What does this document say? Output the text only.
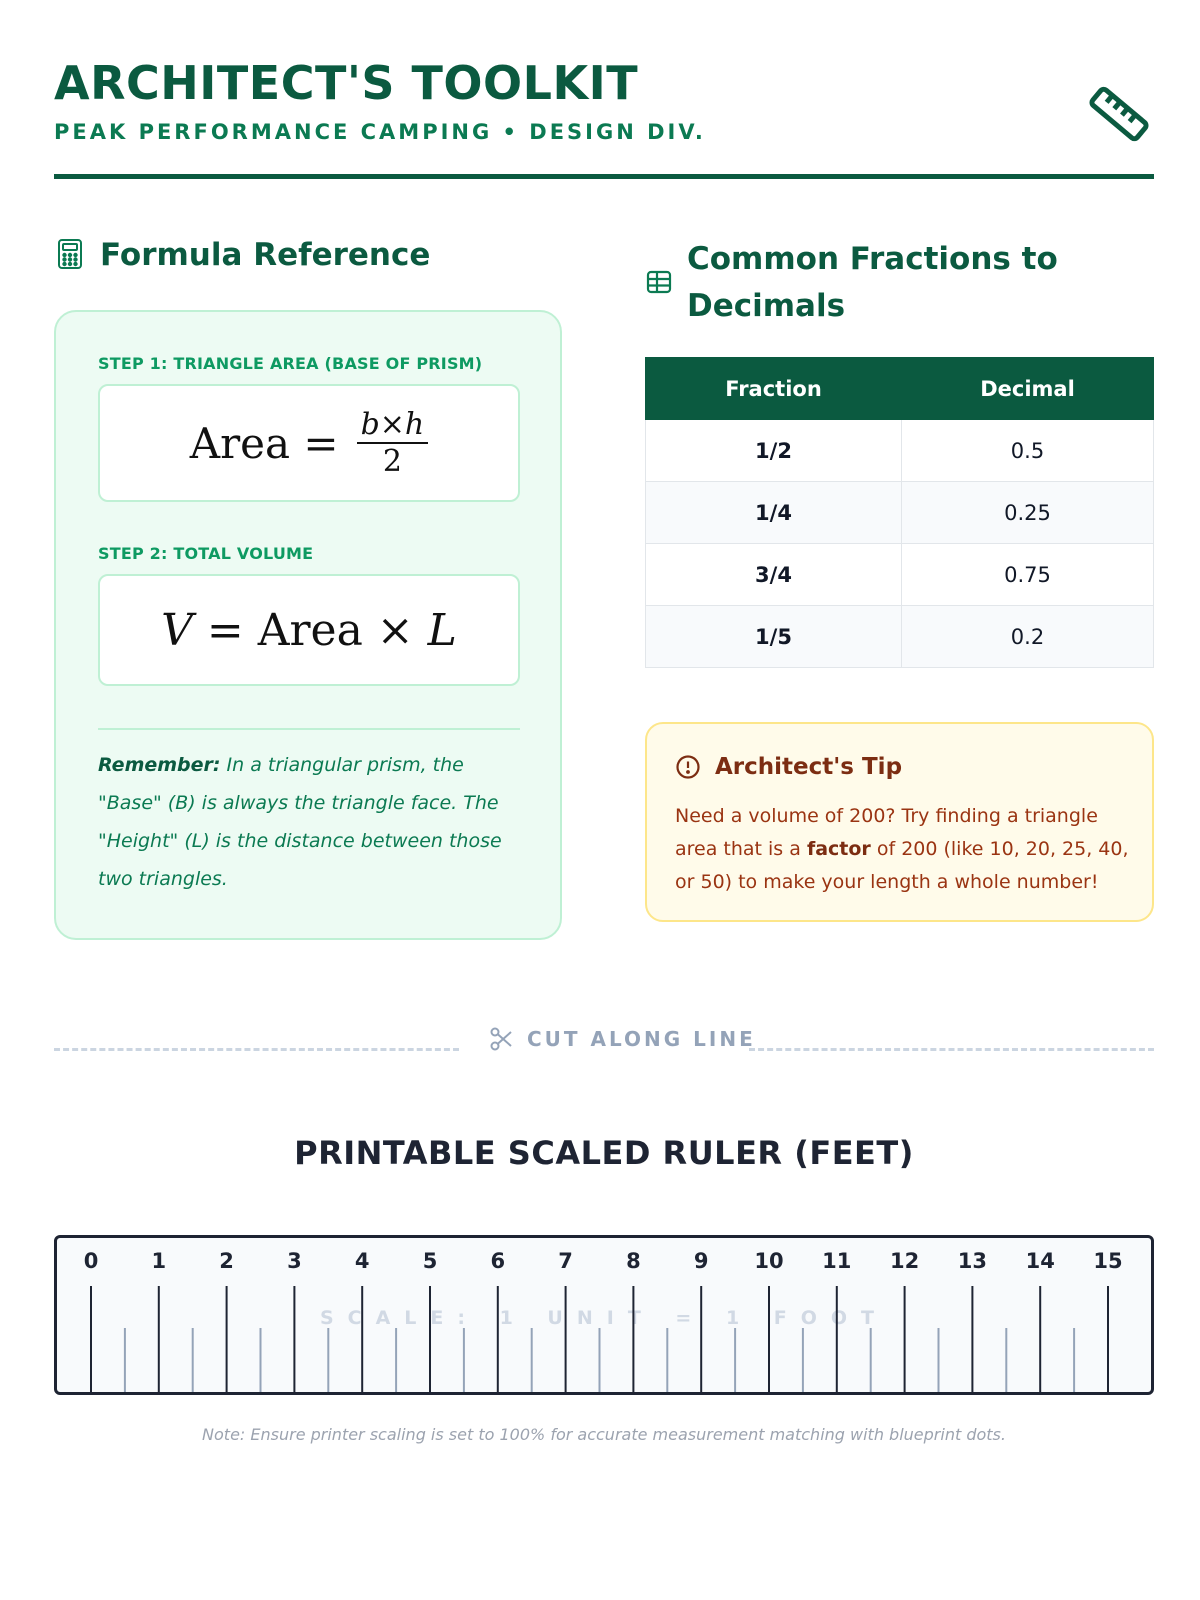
ARCHITECT'S TOOLKIT
PEAK PERFORMANCE CAMPING • DESIGN DIV.
Formula Reference
STEP 1: TRIANGLE AREA (BASE OF PRISM)
Area = $\frac{b\times h}{2}$
STEP 2: TOTAL VOLUME
V = Area × L
Remember: In a triangular prism, the "Base" (B) is always the triangle face. The "Height" (L) is the distance between those two triangles.
Common Fractions to Decimals
Fraction	Decimal
1/2	0.5
1/4	0.25
3/4	0.75
1/5	0.2
Architect's Tip
Need a volume of 200? Try finding a triangle area that is a factor of 200 (like 10, 20, 25, 40, or 50) to make your length a whole number!
CUT ALONG LINE
PRINTABLE SCALED RULER (FEET)
SCALE: 1 UNIT = 1 FOOT
0	1	2	3	4	5	6	7	8	9 10 11 12 13 14 15
Note: Ensure printer scaling is set to 100% for accurate measurement matching with blueprint dots.
